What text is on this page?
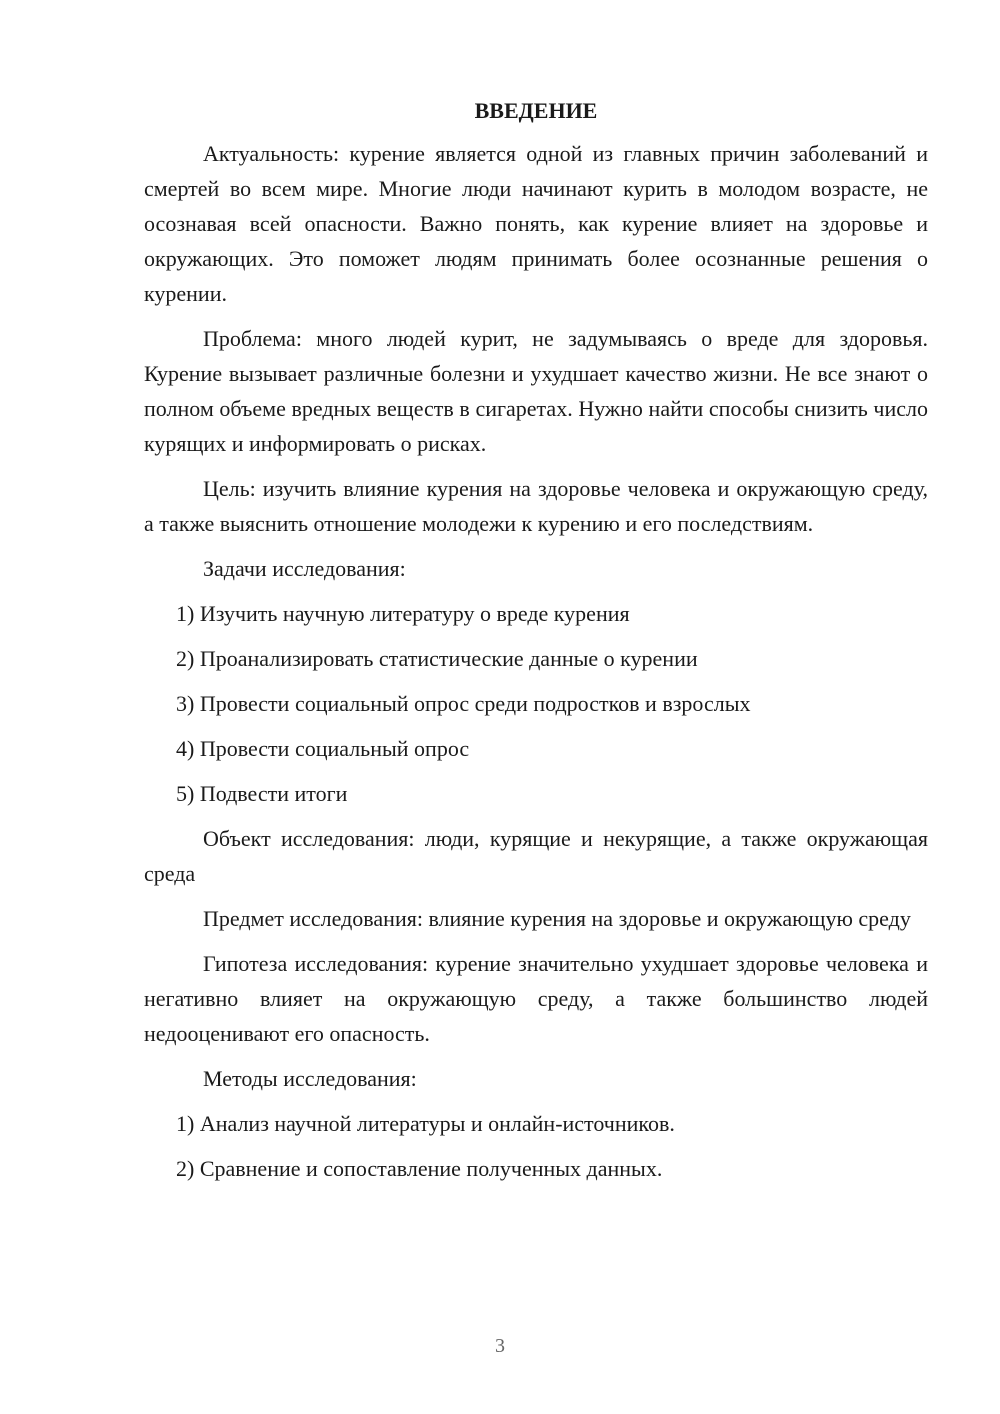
ВВЕДЕНИЕ

Актуальность: курение является одной из главных причин заболеваний и смертей во всем мире. Многие люди начинают курить в молодом возрасте, не осознавая всей опасности. Важно понять, как курение влияет на здоровье и окружающих. Это поможет людям принимать более осознанные решения о курении.

Проблема: много людей курит, не задумываясь о вреде для здоровья. Курение вызывает различные болезни и ухудшает качество жизни. Не все знают о полном объеме вредных веществ в сигаретах. Нужно найти способы снизить число курящих и информировать о рисках.

Цель: изучить влияние курения на здоровье человека и окружающую среду, а также выяснить отношение молодежи к курению и его последствиям.

Задачи исследования:

1) Изучить научную литературу о вреде курения

2) Проанализировать статистические данные о курении

3) Провести социальный опрос среди подростков и взрослых

4) Провести социальный опрос

5) Подвести итоги

Объект исследования: люди, курящие и некурящие, а также окружающая среда

Предмет исследования: влияние курения на здоровье и окружающую среду

Гипотеза исследования: курение значительно ухудшает здоровье человека и негативно влияет на окружающую среду, а также большинство людей недооценивают его опасность.

Методы исследования:

1) Анализ научной литературы и онлайн-источников.

2) Сравнение и сопоставление полученных данных.

3
